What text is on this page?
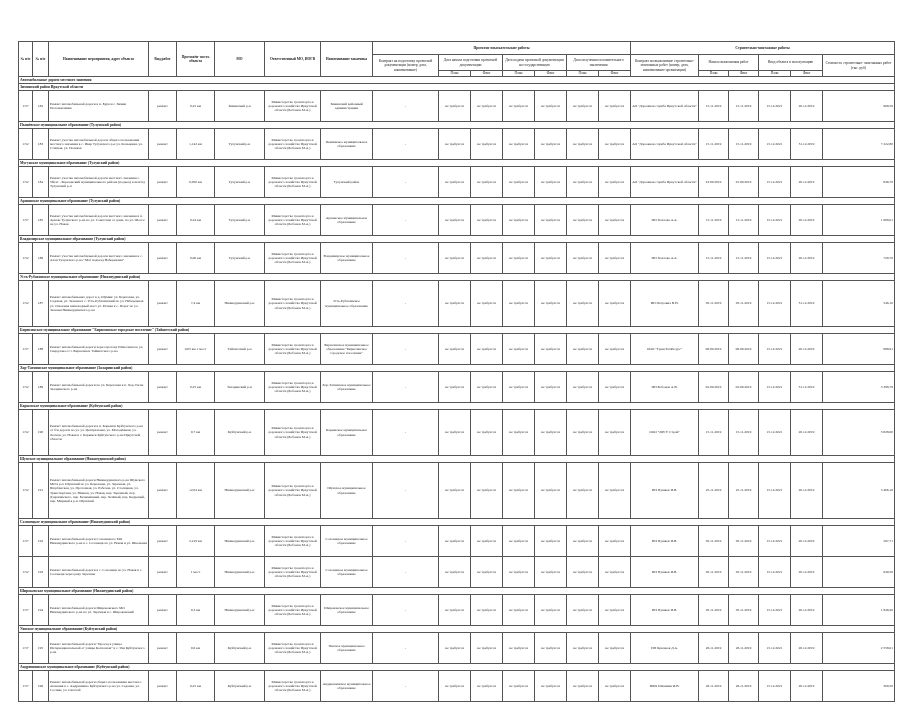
№ п/п	№ п/п	Наименование мероприятия, адрес объекта	Вид работ	Протяжён- ность объекта	МО	Ответственный МО, ИОГВ	Наименование заказчика	Проектно-изыскательские работы							Строительно-монтажные работы					
								Контракт на подготовку проектной документации (номер, дата, наименование)	Дата начала подготовки проектной документации		Дата подачи проектной документации на государственную		Дата получения положительного заключения		Контракт на выполнение строительно-монтажных работ (номер, дата, наименование организации)	Начало выполнения работ		Ввод объекта в эксплуатацию		Стоимость строительно- монтажных работ (тыс. руб)
									План	Факт	План	Факт	План	Факт		План	Факт	План	Факт	
Автомобильные дороги местного значения																				
Зиминский район Иркутской области																				
1/57	182	Ремонт автомобильной дороги в п. Буря и с. Зимин Полоновлевки	ремонт	0,25 км	Зиминский р-н	Министерство транспорта и дорожного хозяйства Иркутской области (Бобонов М.А.)	Зиминский районный администрации	-	не требуется	не требуется	не требуется	не требуется	не требуется	не требуется	АО "Дорожная служба Иркутской области"	15.11.2019	15.11.2019	15.12.2021	20.12.2019	968,59
Пышёвское муниципальное образование (Тулунский район)																				
1/52	183	Ремонт участка автомобильной дороги общего пользования местного значения в с. Ивер Тулунского р-н ул. Кольцевая, ул. Степная, ул. Полевая	ремонт	1,142 км	Тулунский р-н	Министерство транспорта и дорожного хозяйства Иркутской области (Бобонов М.А.)	Пышёвское муниципальное образование	-	не требуется	не требуется	не требуется	не требуется	не требуется	не требуется	АО "Дорожная служба Иркутской области"	15.11.2019	15.11.2019	15.12.2021	31.12.2019	7 222,80
Мугунское муниципальное образование (Тулунский район)																				
1/52	184	Ремонт участка автомобильной дороги местного значения с. Уйгат - Березовский муниципального района (подъезд к шахте) Тулунский р-н	ремонт	0,050 км	Тулунский р-н	Министерство транспорта и дорожного хозяйства Иркутской области (Бобонов М.А.)	Тулунский район	-	не требуется	не требуется	не требуется	не требуется	не требуется	не требуется	АО "Дорожная служба Иркутской области"	23.09.2019	25.09.2019	15.12.2021	20.12.2019	846,70
Аршанское муниципальное образование (Тулунский район)																				
1/57	185	Ремонт участка автомобильной дороги местного значения в п. Аршан Тулунского р-на по ул. Советская от дома, по ул. Шоссе на ул. Новая	ремонт	0,24 км	Тулунский р-н	Министерство транспорта и дорожного хозяйства Иркутской области (Бобонов М.А.)	Аршанское муниципальное образование	-	не требуется	не требуется	не требуется	не требуется	не требуется	не требуется	ИП Хохлова А.А.	15.11.2019	15.11.2019	15.12.2021	20.12.2019	1 668,01
Владимирское муниципальное образование (Тулунский район)																				
1/52	186	Ремонт участка автомобильной дороги местного значения в с. Алан Тулунского р-на "Мат подъезд Набережная"	ремонт	0,06 км	Тулунский р-н	Министерство транспорта и дорожного хозяйства Иркутской области (Бобонов М.А.)	Владимирское муниципальное образование	-	не требуется	не требуется	не требуется	не требуется	не требуется	не требуется	ИП Хохлова А.А.	15.11.2019	15.11.2019	15.12.2021	20.12.2019	729,70
Усть-Рубахинское муниципальное образование (Нижнеудинский район)																				
1/52	187	Ремонт автомобильных дорог в д. Шумки: ул. Береговая, ул. Садовая, ул. Зеленая в с. Усть-Рубахинский по ул. Набережная ул. Ольховая пешеходный мост ул. Речная в с. Порог по ул. Зеленая Нижнеудинского р-на	ремонт	7,4 км	Нижнеудинский р-н	Министерство транспорта и дорожного хозяйства Иркутской области (Бобонов М.А.)	Усть-Рубахинское муниципальное образование	-	не требуется	не требуется	не требуется	не требуется	не требуется	не требуется	ИП Петрович В.Н.	05.11.2019	05.11.2019	15.12.2021	31.12.2019	546,10
Бирюсинское муниципальное образование "Бирюсинское городское поселение" (Тайшетский район)																				
1/57	188	Ремонт автомобильной дороги через протоку Шапочная по ул. Свердлова от г. Бирюсинск Тайшетского р-на	ремонт	0,05 км 1 мост	Тайшетский р-н	Министерство транспорта и дорожного хозяйства Иркутской области (Бобонов М.А.)	Бирюсинское муниципальное образование "Бирюсинское городское поселение"	-	не требуется	не требуется	не требуется	не требуется	не требуется	не требуется	ООО "ТрансТехРесурс"	06.09.2019	06.09.2019	15.12.2021	20.12.2019	988,91
Хор-Тагнинское муниципальное образование (Заларинский район)																				
1/52	189	Ремонт автомобильной дороги по ул. Береговая в п. Хор-Тагна Заларинского р-на	ремонт	0,25 км	Заларинский р-н	Министерство транспорта и дорожного хозяйства Иркутской области (Бобонов М.А.)	Хор-Тагнинское муниципальное образование	-	не требуется	не требуется	не требуется	не требуется	не требуется	не требуется	ИП Бобонов А.В.	02.09.2019	02.09.2019	15.12.2021	31.12.2019	3 398,79
Карымское муниципальное образование (Куйтунский район)																				
1/52	190	Ремонт автомобильной дороги в п. Карымск Куйтунского р-на от б/н дороги по ул. ул. Центральная, ул. Молодёжная, ул. Лесная, ул. Новая в с. Карымск Куйтунского р-на Иркутской области	ремонт	0,7 км	Куйтунский р-н	Министерство транспорта и дорожного хозяйства Иркутской области (Бобонов М.А.)	Карымское муниципальное образование	-	не требуется	не требуется	не требуется	не требуется	не требуется	не требуется	ООО "ДРСУ Строй"	15.11.2019	15.11.2019	15.12.2021	20.12.2019	3 828,00
Шумское муниципальное образование (Нижнеудинский район)																				
1/52	191	Ремонт автомобильной дороги Нижнеудинского р-на Шумского МО в р.п. Шумский по ул. Березовая, ул. Заречная, ул. Шорбанская, ул. Проточная, ул. Рабочая, ул. Столярная, ул. Транспортная, ул. Южная, ул. Новая, пер. Заречный, пер. Дзержинского, пер. Безымянный, пер. Зелёный, пер. Кедровый, пер. Мирный в р.п. Шумский	ремонт	12,04 км	Нижнеудинский р-н	Министерство транспорта и дорожного хозяйства Иркутской области (Бобонов М.А.)	Шумское муниципальное образование	-	не требуется	не требуется	не требуется	не требуется	не требуется	не требуется	ИП Пушков И.В.	25.11.2019	25.11.2019	15.12.2021	20.12.2019	3 466,10
Солонецкое муниципальное образование (Нижнеудинский район)																				
1/57	192	Ремонт автомобильной дороги Солонецкого МО Нижнеудинского р-на в с. Солонецк по ул. Новая и ул. Школьная	ремонт	2,219 км	Нижнеудинский р-н	Министерство транспорта и дорожного хозяйства Иркутской области (Бобонов М.А.)	Солонецкое муниципальное образование	-	не требуется	не требуется	не требуется	не требуется	не требуется	не требуется	ИП Пушков И.В.	05.11.2019	05.11.2019	15.12.2021	20.12.2019	297,71
1/52	193	Ремонт автомобильной дороги в с. Солонецк по ул. Новая в с. Солонецк через реку Зарезная	ремонт	1 мост	Нижнеудинский р-н	Министерство транспорта и дорожного хозяйства Иркутской области (Бобонов М.А.)	Солонецкое муниципальное образование	-	не требуется	не требуется	не требуется	не требуется	не требуется	не требуется	ИП Пушков И.В.	05.11.2019	05.11.2019	15.12.2021	20.12.2019	649,50
Широковское муниципальное образование (Нижнеудинский район)																				
1/57	194	Ремонт автомобильной дороги Широковского МО Нижнеудинского р-на по ул. Заречная в с. Широковский	ремонт	0,3 км	Нижнеудинский р-н	Министерство транспорта и дорожного хозяйства Иркутской области (Бобонов М.А.)	Широковское муниципальное образование	-	не требуется	не требуется	не требуется	не требуется	не требуется	не требуется	ИП Пушков И.В.	05.11.2019	05.11.2019	15.12.2021	20.12.2019	1 848,20
Уянское муниципальное образование (Куйтунский район)																				
1/57	195	Ремонт автомобильной дороги "Проезд к улицы Интернациональной от улицы Колхозная" в с. Уян Куйтунского р-на	ремонт	0,6 км	Куйтунский р-н	Министерство транспорта и дорожного хозяйства Иркутской области (Бобонов М.А.)	Уянское муниципальное образование	-	не требуется	не требуется	не требуется	не требуется	не требуется	не требуется	ИП Крючков Д.А.	26.11.2019	26.11.2019	15.12.2021	20.12.2019	2 558,01
Андрюшинское муниципальное образование (Куйтунский район)																				
1/57	196	Ремонт автомобильной дороги общего пользования местного значения в с. Андрюшино Куйтунского р-на ул. Садовая, ул. Соснин, ул. Светлой	ремонт	0,25 км	Куйтунский р-н	Министерство транспорта и дорожного хозяйства Иркутской области (Бобонов М.А.)	Андрюшинское муниципальное образование	-	не требуется	не требуется	не требуется	не требуется	не требуется	не требуется	ИФХ Шамшин И.В.	26.11.2019	26.11.2019	15.12.2021	20.12.2019	309,50
